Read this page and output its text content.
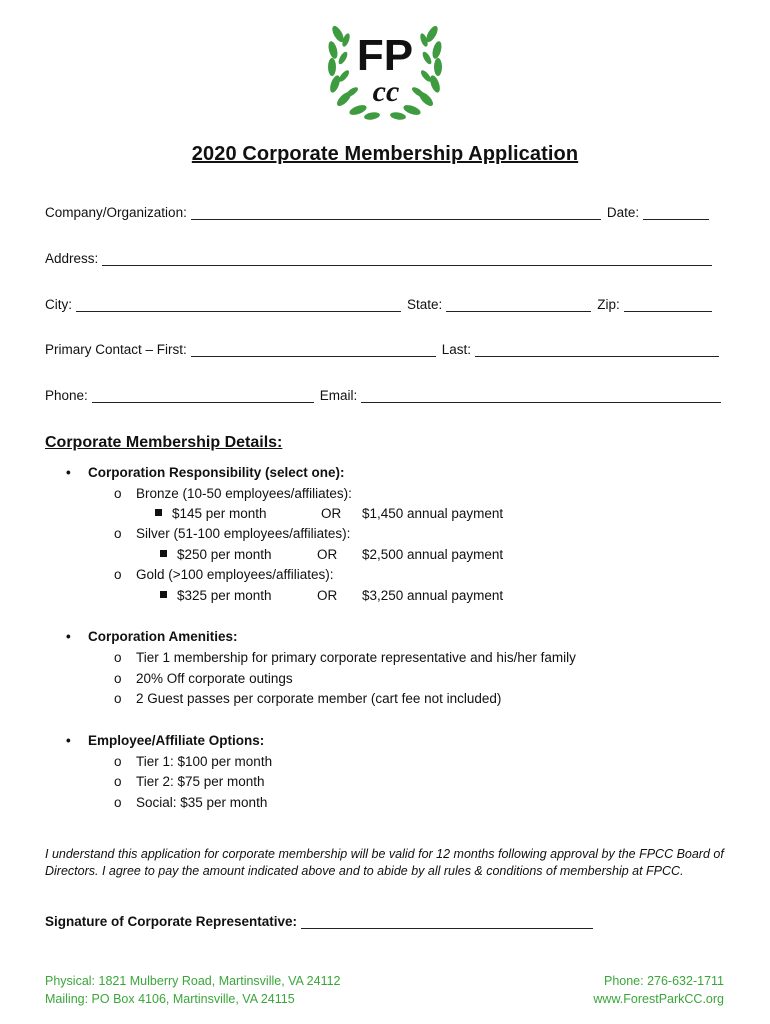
FP
cc
2020 Corporate Membership Application
Company/Organization:	Date:
Address:
City:	State:	Zip:
Primary Contact – First:	Last:
Phone:	Email:
Corporate Membership Details:
• Corporation Responsibility (select one):
o Bronze (10-50 employees/affiliates):
$145 per month	OR $1,450 annual payment
o Silver (51-100 employees/affiliates):
$250 per month	OR $2,500 annual payment
o Gold (>100 employees/affiliates):
$325 per month	OR $3,250 annual payment
• Corporation Amenities:
o Tier 1 membership for primary corporate representative and his/her family
o 20% Off corporate outings
o 2 Guest passes per corporate member (cart fee not included)
• Employee/Affiliate Options:
o Tier 1: $100 per month
o Tier 2: $75 per month
o Social: $35 per month
I understand this application for corporate membership will be valid for 12 months following approval by the FPCC Board of Directors. I agree to pay the amount indicated above and to abide by all rules & conditions of membership at FPCC.
Signature of Corporate Representative:
Physical: 1821 Mulberry Road, Martinsville, VA 24112
Mailing: PO Box 4106, Martinsville, VA 24115
Phone: 276-632-1711
www.ForestParkCC.org
